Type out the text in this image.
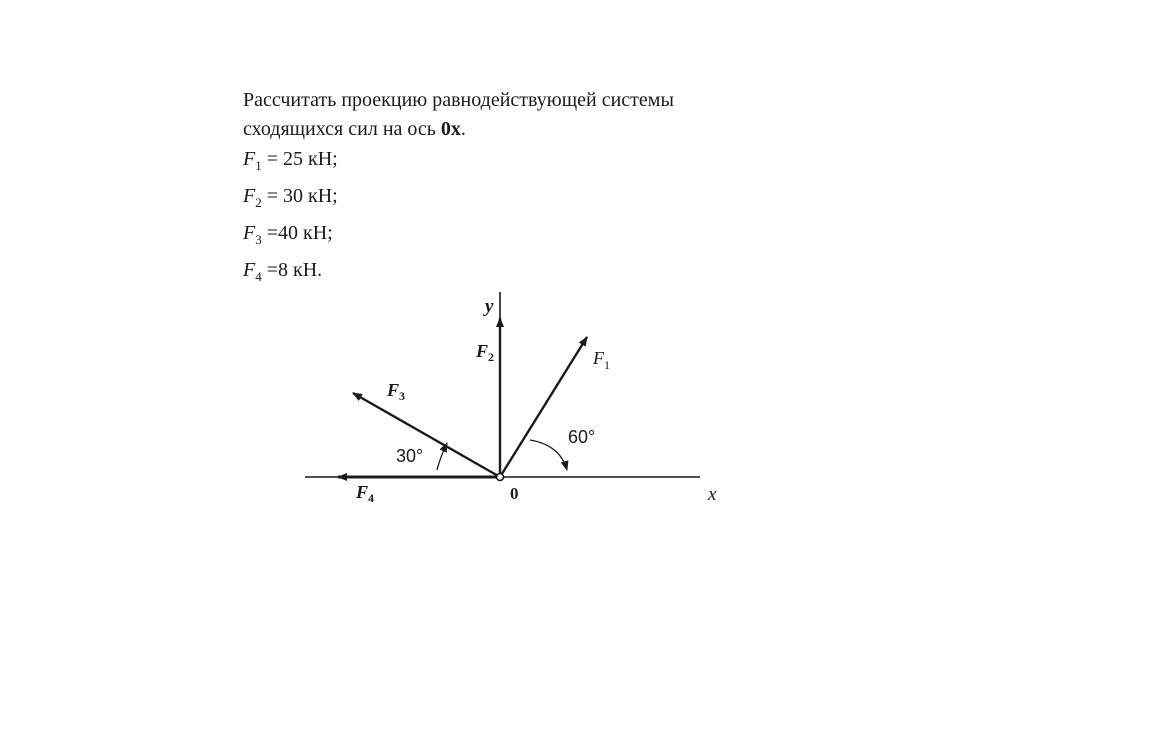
Рассчитать проекцию равнодействующей системы
сходящихся сил на ось 0x.
$F_1 = 25$ кН;
$F_2 = 30$ кН;
$F_3 =40$ кН;
$F_4 =8$ кН.
y
x
0
60°
30°
$F_2$	$F_1$
$F_3$
$F_4$
